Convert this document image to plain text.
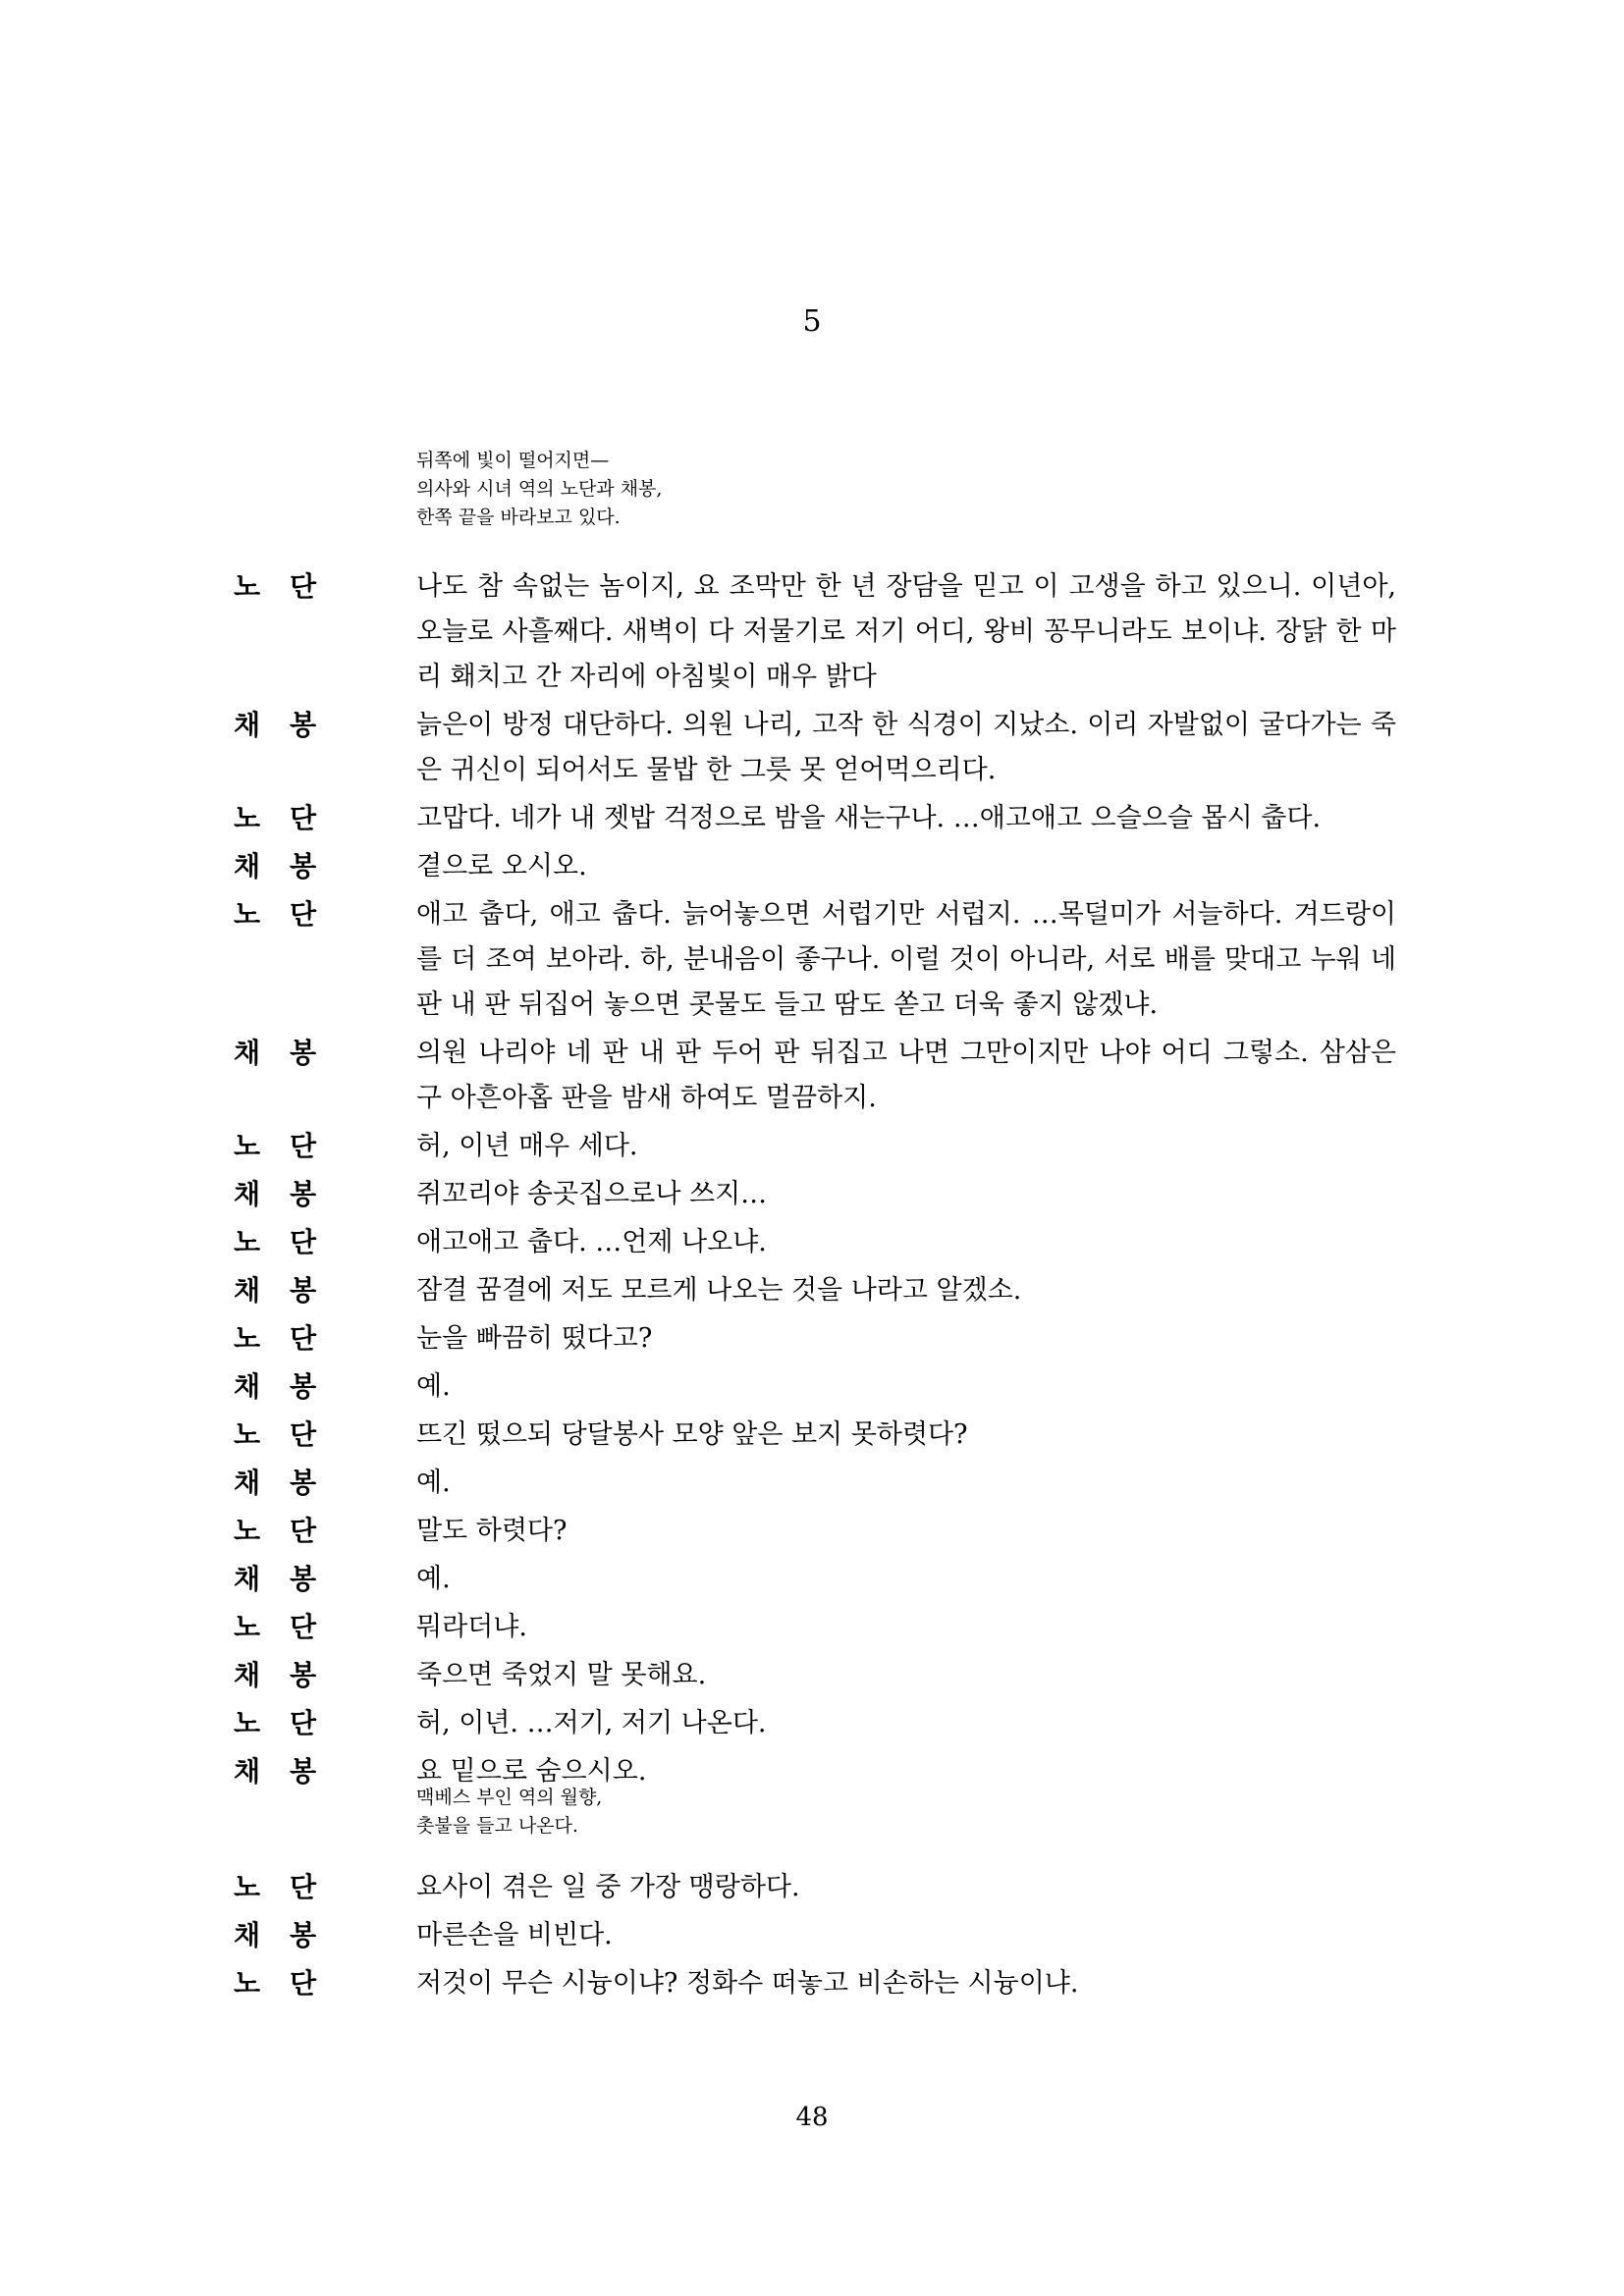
5
뒤쪽에 빛이 떨어지면—
의사와 시녀 역의 노단과 채봉,
한쪽 끝을 바라보고 있다.
노단	나도 참 속없는 놈이지, 요 조막만 한 년 장담을 믿고 이 고생을 하고 있으니. 이년아, 오늘로 사흘째다. 새벽이 다 저물기로 저기 어디, 왕비 꽁무니라도 보이냐. 장닭 한 마리 홰치고 간 자리에 아침빛이 매우 밝다
채봉	늙은이 방정 대단하다. 의원 나리, 고작 한 식경이 지났소. 이리 자발없이 굴다가는 죽은 귀신이 되어서도 물밥 한 그릇 못 얻어먹으리다.
노단	고맙다. 네가 내 젯밥 걱정으로 밤을 새는구나. …애고애고 으슬으슬 몹시 춥다.
채봉	곁으로 오시오.
노단	애고 춥다, 애고 춥다. 늙어놓으면 서럽기만 서럽지. …목덜미가 서늘하다. 겨드랑이를 더 조여 보아라. 하, 분내음이 좋구나. 이럴 것이 아니라, 서로 배를 맞대고 누워 네 판 내 판 뒤집어 놓으면 콧물도 들고 땀도 쏟고 더욱 좋지 않겠냐.
채봉	의원 나리야 네 판 내 판 두어 판 뒤집고 나면 그만이지만 나야 어디 그렇소. 삼삼은 구 아흔아홉 판을 밤새 하여도 멀끔하지.
노단	허, 이년 매우 세다.
채봉	쥐꼬리야 송곳집으로나 쓰지…
노단	애고애고 춥다. …언제 나오냐.
채봉	잠결 꿈결에 저도 모르게 나오는 것을 나라고 알겠소.
노단	눈을 빠끔히 떴다고?
채봉	예.
노단	뜨긴 떴으되 당달봉사 모양 앞은 보지 못하렷다?
채봉	예.
노단	말도 하렷다?
채봉	예.
노단	뭐라더냐.
채봉	죽으면 죽었지 말 못해요.
노단	허, 이년. …저기, 저기 나온다.
채봉	요 밑으로 숨으시오.
맥베스 부인 역의 월향,
촛불을 들고 나온다.
노단	요사이 겪은 일 중 가장 맹랑하다.
채봉	마른손을 비빈다.
노단	저것이 무슨 시늉이냐? 정화수 떠놓고 비손하는 시늉이냐.
48
